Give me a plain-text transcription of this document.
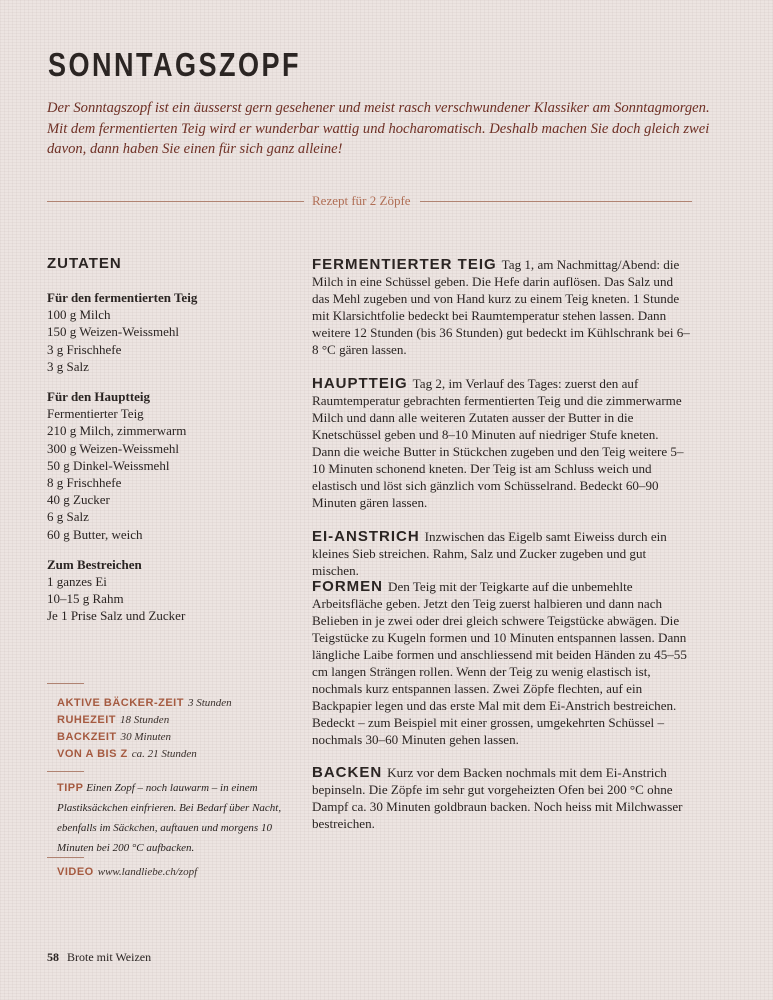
SONNTAGSZOPF

Der Sonntagszopf ist ein äusserst gern gesehener und meist rasch verschwundener Klassiker am Sonntagmorgen. Mit dem fermentierten Teig wird er wunderbar wattig und hocharomatisch. Deshalb machen Sie doch gleich zwei davon, dann haben Sie einen für sich ganz alleine!

Rezept für 2 Zöpfe
ZUTATEN
Für den fermentierten Teig
100 g Milch
150 g Weizen-Weissmehl
3 g Frischhefe
3 g Salz
Für den Hauptteig
Fermentierter Teig
210 g Milch, zimmerwarm
300 g Weizen-Weissmehl
50 g Dinkel-Weissmehl
8 g Frischhefe
40 g Zucker
6 g Salz
60 g Butter, weich
Zum Bestreichen
1 ganzes Ei
10–15 g Rahm
Je 1 Prise Salz und Zucker
AKTIVE BÄCKER-ZEIT 3 Stunden
RUHEZEIT 18 Stunden
BACKZEIT 30 Minuten
VON A BIS Z ca. 21 Stunden
TIPP Einen Zopf – noch lauwarm – in einem Plastiksäckchen einfrieren. Bei Bedarf über Nacht, ebenfalls im Säckchen, auftauen und morgens 10 Minuten bei 200 °C aufbacken.
VIDEO www.landliebe.ch/zopf

FERMENTIERTER TEIG Tag 1, am Nachmittag/Abend: die Milch in eine Schüssel geben. Die Hefe darin auflösen. Das Salz und das Mehl zugeben und von Hand kurz zu einem Teig kneten. 1 Stunde mit Klarsichtfolie bedeckt bei Raumtemperatur stehen lassen. Dann weitere 12 Stunden (bis 36 Stunden) gut bedeckt im Kühlschrank bei 6–8 °C gären lassen.

HAUPTTEIG Tag 2, im Verlauf des Tages: zuerst den auf Raumtemperatur gebrachten fermentierten Teig und die zimmerwarme Milch und dann alle weiteren Zutaten ausser der Butter in die Knetschüssel geben und 8–10 Minuten auf niedriger Stufe kneten. Dann die weiche Butter in Stückchen zugeben und den Teig weitere 5–10 Minuten schonend kneten. Der Teig ist am Schluss weich und elastisch und löst sich gänzlich vom Schüsselrand. Bedeckt 60–90 Minuten gären lassen.

EI-ANSTRICH Inzwischen das Eigelb samt Eiweiss durch ein kleines Sieb streichen. Rahm, Salz und Zucker zugeben und gut mischen.

FORMEN Den Teig mit der Teigkarte auf die unbemehlte Arbeitsfläche geben. Jetzt den Teig zuerst halbieren und dann nach Belieben in je zwei oder drei gleich schwere Teigstücke abwägen. Die Teigstücke zu Kugeln formen und 10 Minuten entspannen lassen. Dann längliche Laibe formen und anschliessend mit beiden Händen zu 45–55 cm langen Strängen rollen. Wenn der Teig zu wenig elastisch ist, nochmals kurz entspannen lassen. Zwei Zöpfe flechten, auf ein Backpapier legen und das erste Mal mit dem Ei-Anstrich bestreichen. Bedeckt – zum Beispiel mit einer grossen, umgekehrten Schüssel – nochmals 30–60 Minuten gehen lassen.

BACKEN Kurz vor dem Backen nochmals mit dem Ei-Anstrich bepinseln. Die Zöpfe im sehr gut vorgeheizten Ofen bei 200 °C ohne Dampf ca. 30 Minuten goldbraun backen. Noch heiss mit Milchwasser bestreichen.

58 Brote mit Weizen
